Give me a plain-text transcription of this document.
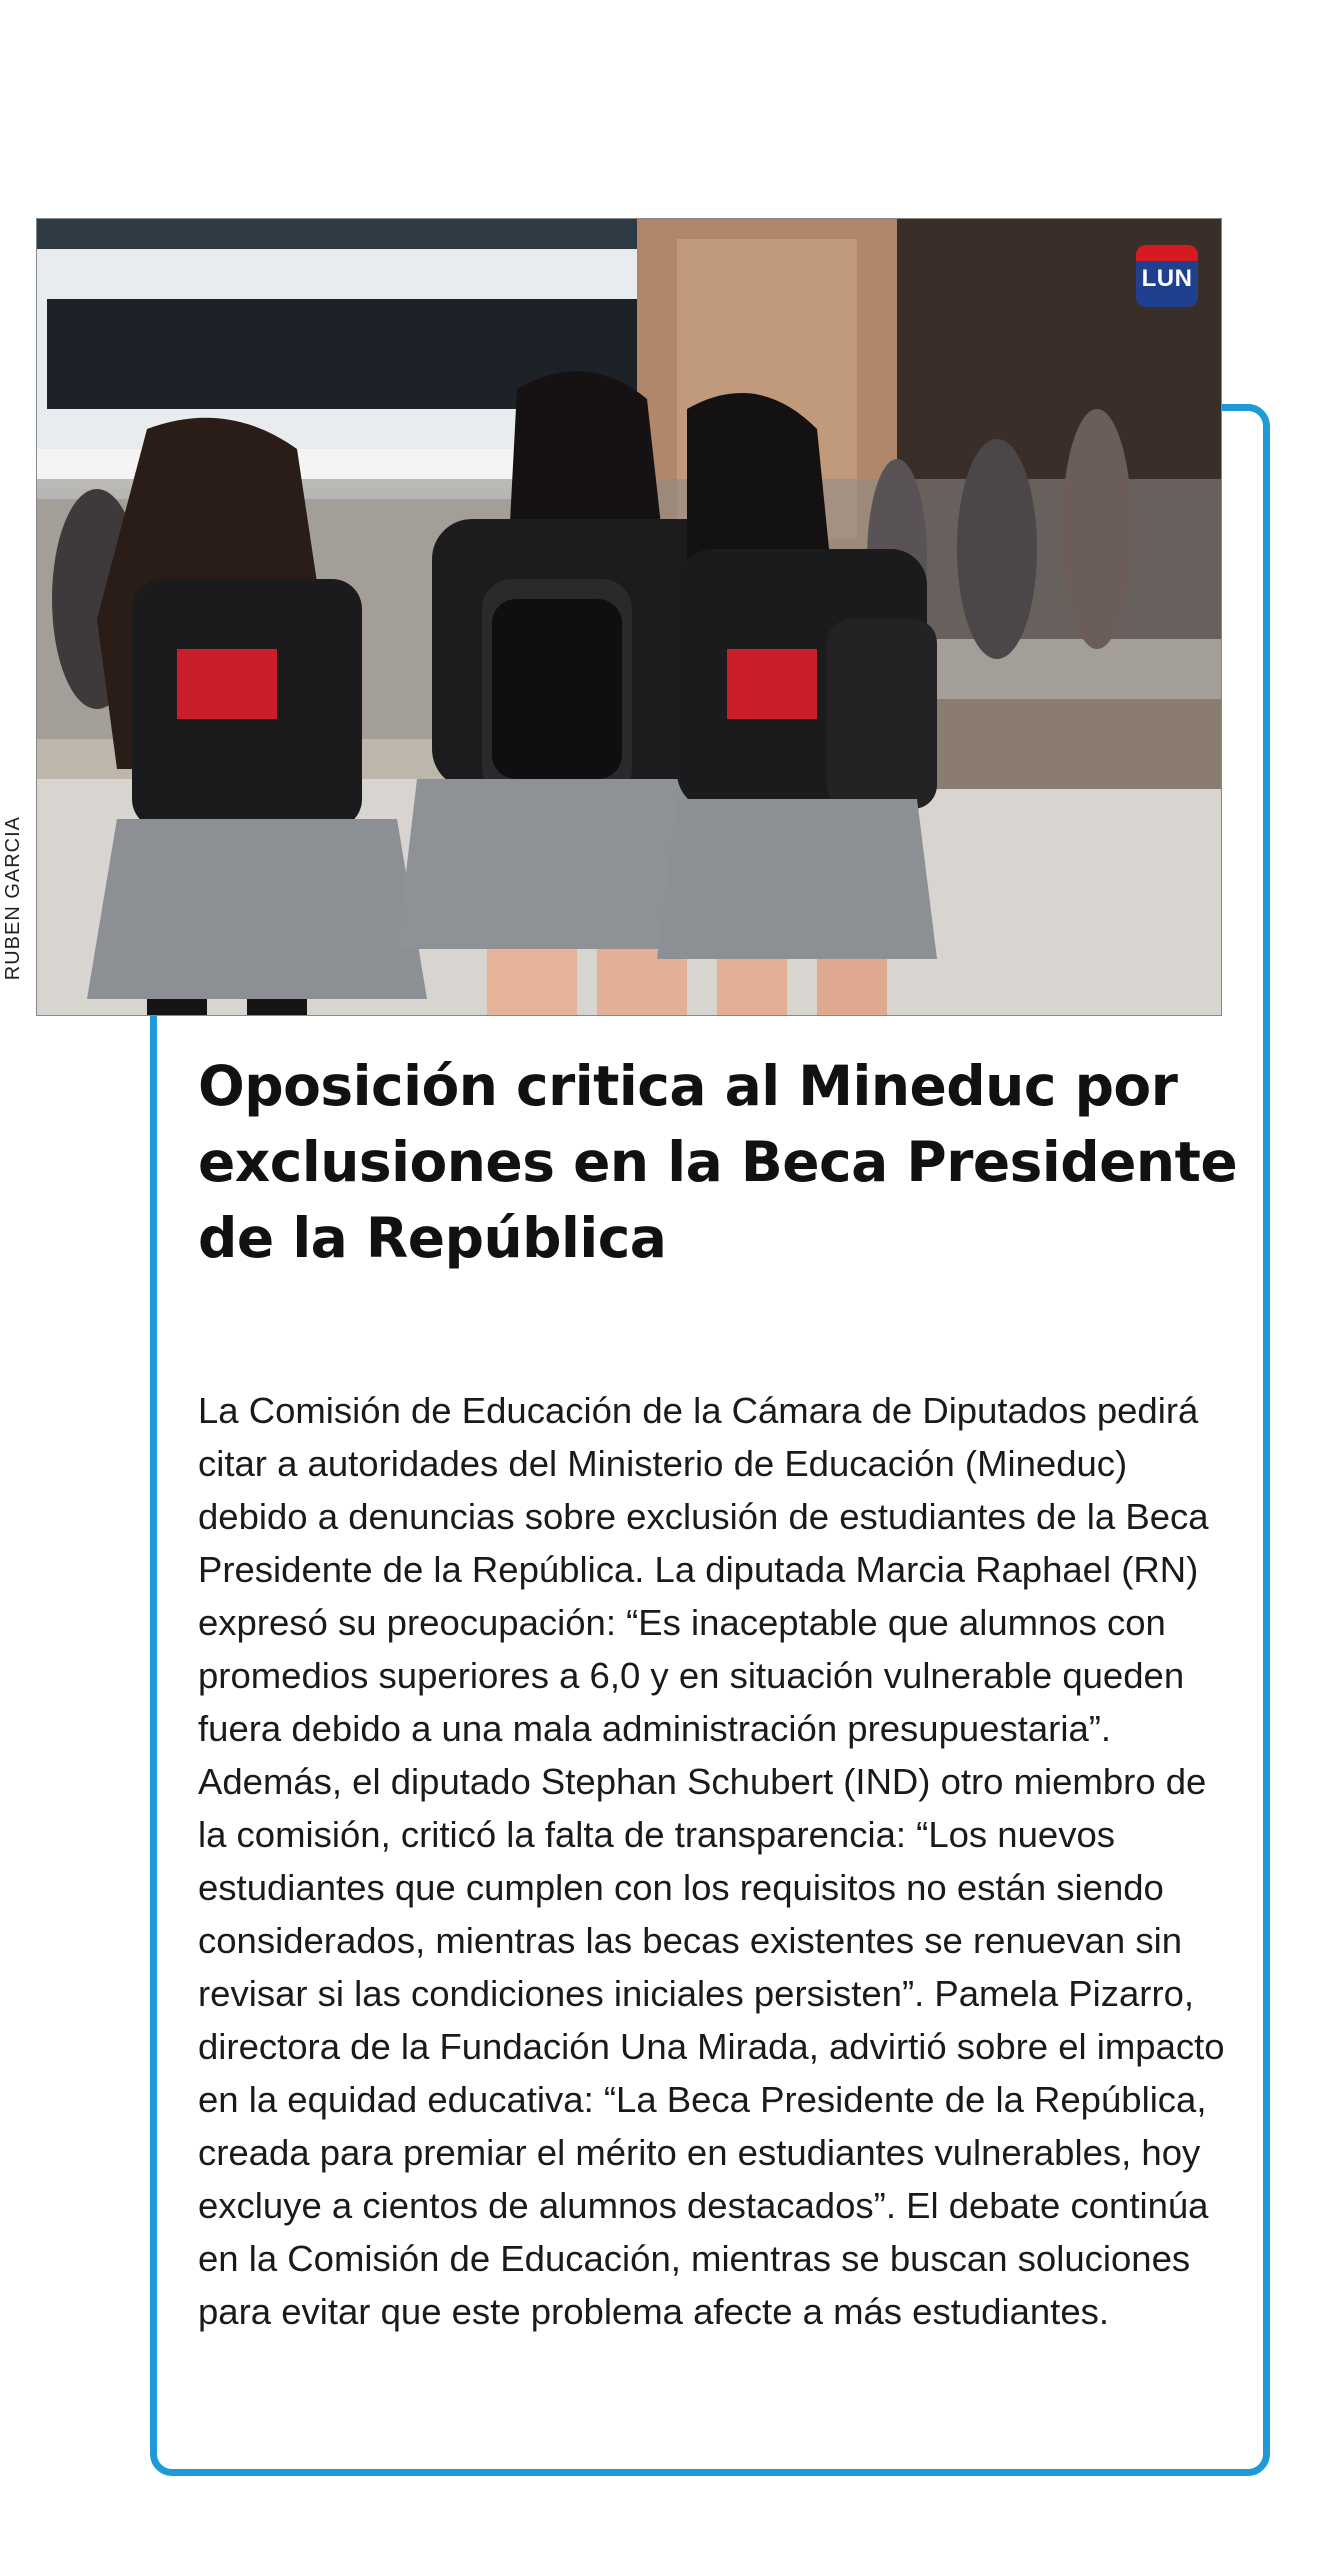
RUBEN GARCIA
LUN
Oposición critica al Mineduc por exclusiones en la Beca Presidente de la República

La Comisión de Educación de la Cámara de Diputados pedirá citar a autoridades del Ministerio de Educación (Mineduc) debido a denuncias sobre exclusión de estudiantes de la Beca Presidente de la República. La diputada Marcia Raphael (RN) expresó su preocupación: “Es inaceptable que alumnos con promedios superiores a 6,0 y en situación vulnerable queden fuera debido a una mala administración presupuestaria”. Además, el diputado Stephan Schubert (IND) otro miembro de la comisión, criticó la falta de transparencia: “Los nuevos estudiantes que cumplen con los requisitos no están siendo considerados, mientras las becas existentes se renuevan sin revisar si las condiciones iniciales persisten”. Pamela Pizarro, directora de la Fundación Una Mirada, advirtió sobre el impacto en la equidad educativa: “La Beca Presidente de la República, creada para premiar el mérito en estudiantes vulnerables, hoy excluye a cientos de alumnos destacados”. El debate continúa en la Comisión de Educación, mientras se buscan soluciones para evitar que este problema afecte a más estudiantes.
